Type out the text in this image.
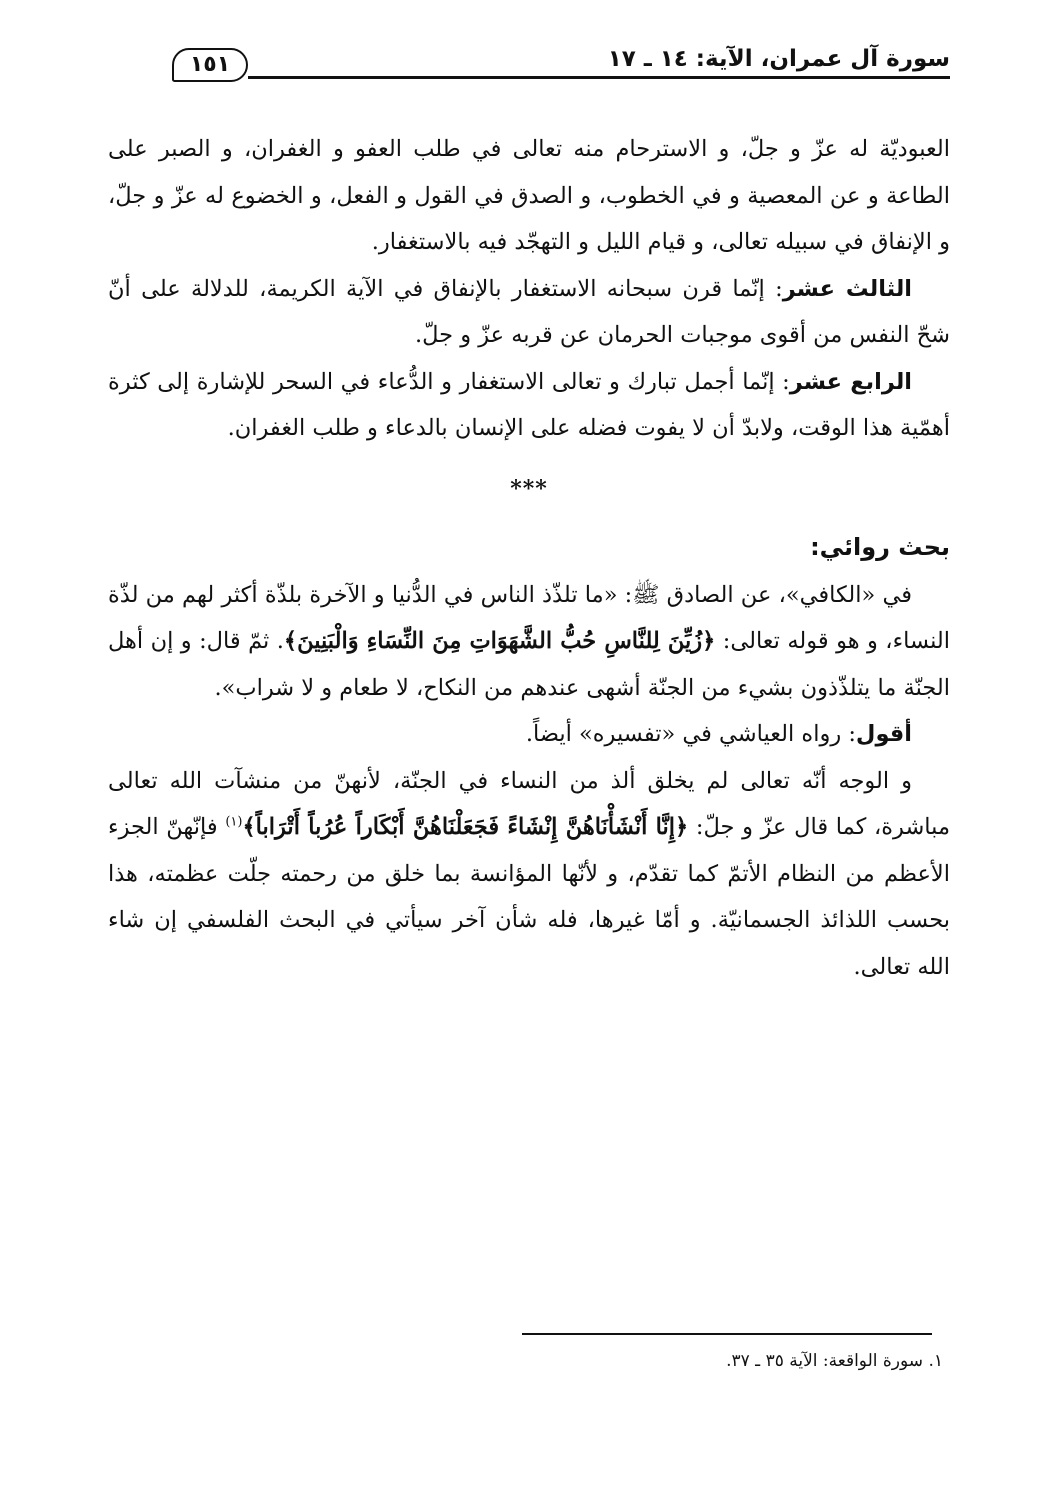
١٥١	سورة آل عمران، الآية: ١٤ ـ ١٧

العبوديّة له عزّ و جلّ، و الاسترحام منه تعالى في طلب العفو و الغفران، و الصبر على الطاعة و عن المعصية و في الخطوب، و الصدق في القول و الفعل، و الخضوع له عزّ و جلّ، و الإنفاق في سبيله تعالى، و قيام الليل و التهجّد فيه بالاستغفار.

الثالث عشر: إنّما قرن سبحانه الاستغفار بالإنفاق في الآية الكريمة، للدلالة على أنّ شحّ النفس من أقوى موجبات الحرمان عن قربه عزّ و جلّ.

الرابع عشر: إنّما أجمل تبارك و تعالى الاستغفار و الدُّعاء في السحر للإشارة إلى كثرة أهمّية هذا الوقت، ولابدّ أن لا يفوت فضله على الإنسان بالدعاء و طلب الغفران.

***

بحث روائي:

في «الكافي»، عن الصادق ﷺ: «ما تلذّذ الناس في الدُّنيا و الآخرة بلذّة أكثر لهم من لذّة النساء، و هو قوله تعالى: ﴿زُيِّنَ لِلنَّاسِ حُبُّ الشَّهَوَاتِ مِنَ النِّسَاءِ وَالْبَنِينَ﴾. ثمّ قال: و إن أهل الجنّة ما يتلذّذون بشيء من الجنّة أشهى عندهم من النكاح، لا طعام و لا شراب».

أقول: رواه العياشي في «تفسيره» أيضاً.

و الوجه أنّه تعالى لم يخلق ألذ من النساء في الجنّة، لأنهنّ من منشآت الله تعالى مباشرة، كما قال عزّ و جلّ: ﴿إِنَّا أَنْشَأْنَاهُنَّ إِنْشَاءً فَجَعَلْنَاهُنَّ أَبْكَاراً عُرُباً أَتْرَاباً﴾$^{(١)}$ فإنّهنّ الجزء الأعظم من النظام الأتمّ كما تقدّم، و لأنّها المؤانسة بما خلق من رحمته جلّت عظمته، هذا بحسب اللذائذ الجسمانيّة. و أمّا غيرها، فله شأن آخر سيأتي في البحث الفلسفي إن شاء الله تعالى.

١. سورة الواقعة: الآية ٣٥ ـ ٣٧.
